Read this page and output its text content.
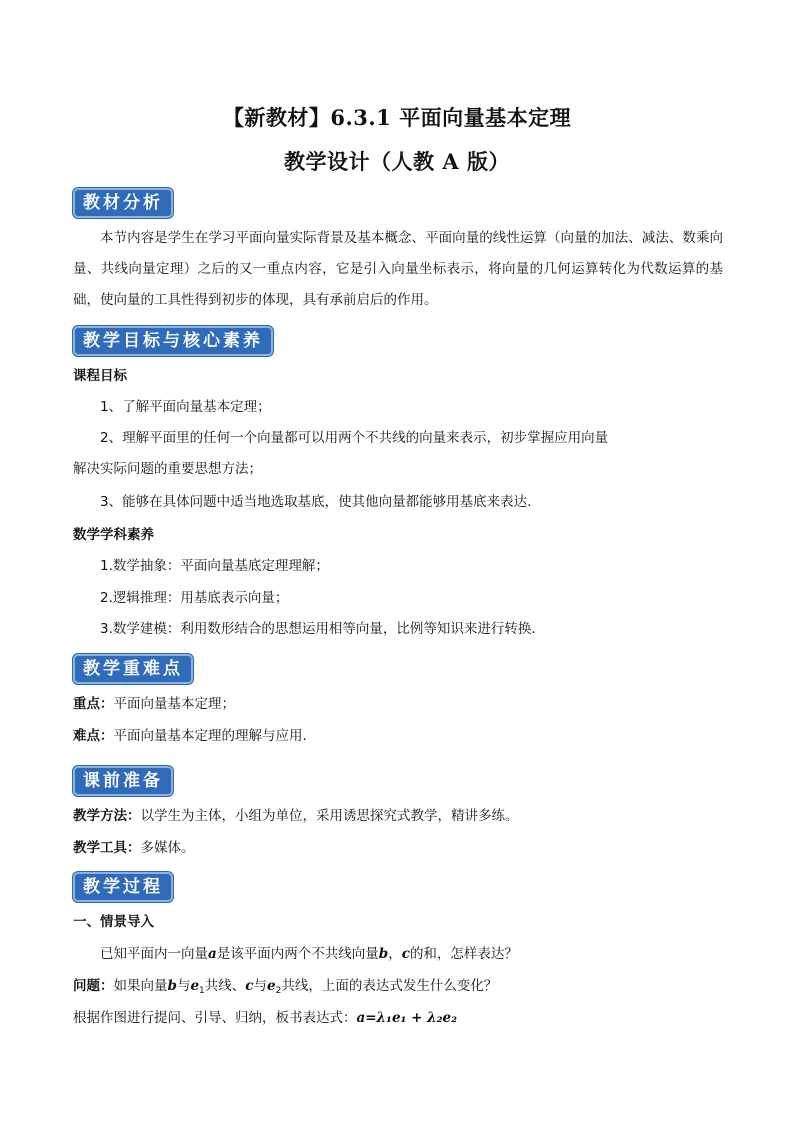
【新教材】6.3.1 平面向量基本定理
教学设计（人教 A 版）
教材分析
本节内容是学生在学习平面向量实际背景及基本概念、平面向量的线性运算（向量的加法、减法、数乘向量、共线向量定理）之后的又一重点内容，它是引入向量坐标表示，将向量的几何运算转化为代数运算的基础，使向量的工具性得到初步的体现，具有承前启后的作用。
教学目标与核心素养
课程目标
1、了解平面向量基本定理；
2、理解平面里的任何一个向量都可以用两个不共线的向量来表示，初步掌握应用向量
解决实际问题的重要思想方法；
3、能够在具体问题中适当地选取基底，使其他向量都能够用基底来表达.
数学学科素养
1.数学抽象：平面向量基底定理理解；
2.逻辑推理：用基底表示向量；
3.数学建模：利用数形结合的思想运用相等向量，比例等知识来进行转换.
教学重难点
重点：平面向量基本定理；
难点：平面向量基本定理的理解与应用.
课前准备
教学方法：以学生为主体，小组为单位，采用诱思探究式教学，精讲多练。
教学工具：多媒体。
教学过程
一、情景导入
已知平面内一向量a是该平面内两个不共线向量b，c的和，怎样表达？
问题：如果向量b与$e_1$共线、c与$e_2$共线，上面的表达式发生什么变化？
根据作图进行提问、引导、归纳，板书表达式：a=λ₁e₁ + λ₂e₂
